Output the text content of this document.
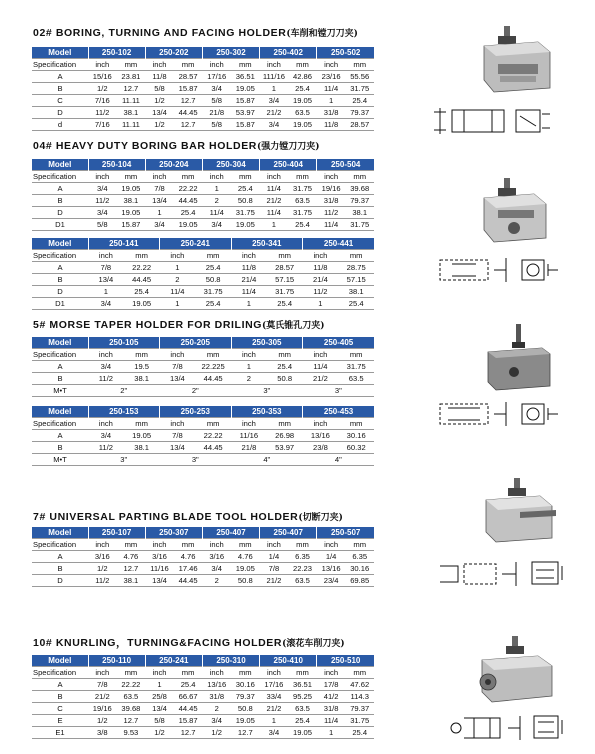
02# BORING, TURNING AND FACING HOLDER(车削和镗刀刀夹)
Model	250-102		250-202		250-302		250-402		250-502	
Specification	inch	mm	inch	mm	inch	mm	inch	mm	inch	mm
A	15/16	23.81	11/8	28.57	17/16	36.51	111/16	42.86	23/16	55.56
B	1/2	12.7	5/8	15.87	3/4	19.05	1	25.4	11/4	31.75
C	7/16	11.11	1/2	12.7	5/8	15.87	3/4	19.05	1	25.4
D	11/2	38.1	13/4	44.45	21/8	53.97	21/2	63.5	31/8	79.37
d	7/16	11.11	1/2	12.7	5/8	15.87	3/4	19.05	11/8	28.57
04# HEAVY DUTY BORING BAR HOLDER(强力镗刀刀夹)
Model	250-104		250-204		250-304		250-404		250-504	
Specification	inch	mm	inch	mm	inch	mm	inch	mm	inch	mm
A	3/4	19.05	7/8	22.22	1	25.4	11/4	31.75	19/16	39.68
B	11/2	38.1	13/4	44.45	2	50.8	21/2	63.5	31/8	79.37
D	3/4	19.05	1	25.4	11/4	31.75	11/4	31.75	11/2	38.1
D1	5/8	15.87	3/4	19.05	3/4	19.05	1	25.4	11/4	31.75
Model	250-141		250-241		250-341		250-441	
Specification	inch	mm	inch	mm	inch	mm	inch	mm
A	7/8	22.22	1	25.4	11/8	28.57	11/8	28.75
B	13/4	44.45	2	50.8	21/4	57.15	21/4	57.15
D	1	25.4	11/4	31.75	11/4	31.75	11/2	38.1
D1	3/4	19.05	1	25.4	1	25.4	1	25.4
5# MORSE TAPER HOLDER FOR DRILING(莫氏锥孔刀夹)
Model	250-105		250-205		250-305		250-405	
Specification	inch	mm	inch	mm	inch	mm	inch	mm
A	3/4	19.5	7/8	22.225	1	25.4	11/4	31.75
B	11/2	38.1	13/4	44.45	2	50.8	21/2	63.5
M•T	2"		2"		3"		3"	
Model	250-153		250-253		250-353		250-453	
Specification	inch	mm	inch	mm	inch	mm	inch	mm
A	3/4	19.05	7/8	22.22	11/16	26.98	13/16	30.16
B	11/2	38.1	13/4	44.45	21/8	53.97	23/8	60.32
M•T	3"		3"		4"		4"	
7# UNIVERSAL PARTING BLADE TOOL HOLDER(切断刀夹)
Model	250-107		250-307		250-407		250-407		250-507	
Specification	inch	mm	inch	mm	inch	mm	inch	mm	inch	mm
A	3/16	4.76	3/16	4.76	3/16	4.76	1/4	6.35	1/4	6.35
B	1/2	12.7	11/16	17.46	3/4	19.05	7/8	22.23	13/16	30.16
D	11/2	38.1	13/4	44.45	2	50.8	21/2	63.5	23/4	69.85
10# KNURLING，TURNING&FACING HOLDER(滚花车削刀夹)
Model	250-110		250-241		250-310		250-410		250-510	
Specification	inch	mm	inch	mm	inch	mm	inch	mm	inch	mm
A	7/8	22.22	1	25.4	13/16	30.16	17/16	36.51	17/8	47.62
B	21/2	63.5	25/8	66.67	31/8	79.37	33/4	95.25	41/2	114.3
C	19/16	39.68	13/4	44.45	2	50.8	21/2	63.5	31/8	79.37
E	1/2	12.7	5/8	15.87	3/4	19.05	1	25.4	11/4	31.75
E1	3/8	9.53	1/2	12.7	1/2	12.7	3/4	19.05	1	25.4
